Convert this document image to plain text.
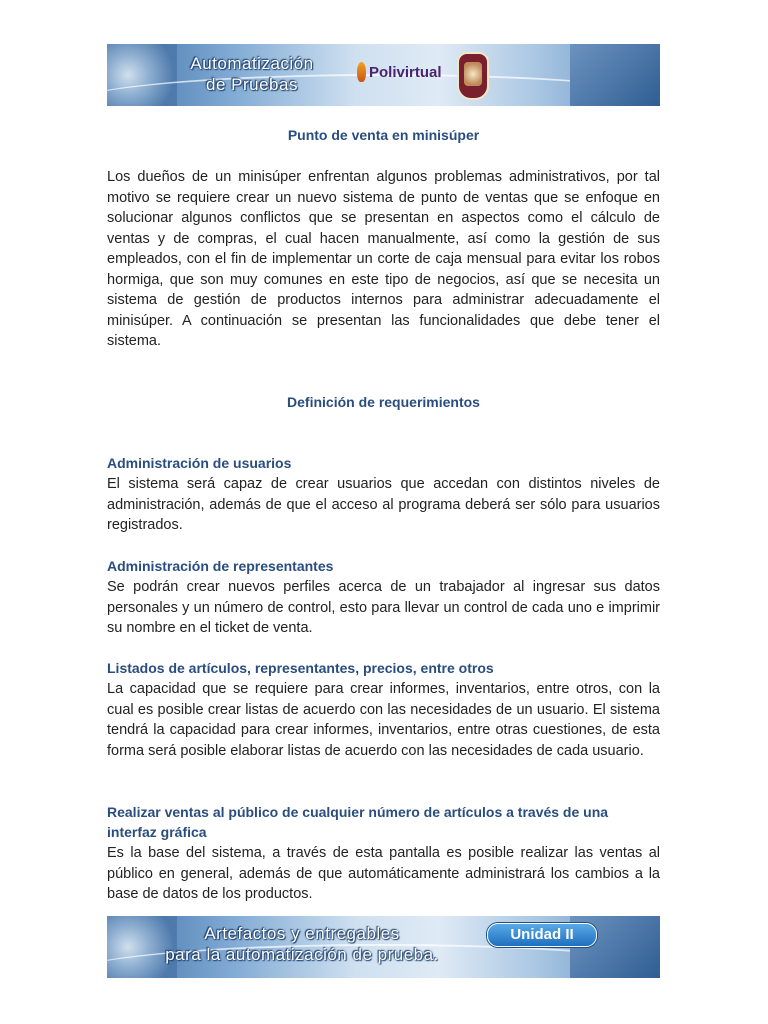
Automatización
de Pruebas
Polivirtual
Punto de venta en minisúper

Los dueños de un minisúper enfrentan algunos problemas administrativos, por tal motivo se requiere crear un nuevo sistema de punto de ventas que se enfoque en solucionar algunos conflictos que se presentan en aspectos como el cálculo de ventas y de compras, el cual hacen manualmente, así como la gestión de sus empleados, con el fin de implementar un corte de caja mensual para evitar los robos hormiga, que son muy comunes en este tipo de negocios, así que se necesita un sistema de gestión de productos internos para administrar adecuadamente el minisúper. A continuación se presentan las funcionalidades que debe tener el sistema.

Definición de requerimientos
Administración de usuarios

El sistema será capaz de crear usuarios que accedan con distintos niveles de administración, además de que el acceso al programa deberá ser sólo para usuarios registrados.

Administración de representantes

Se podrán crear nuevos perfiles acerca de un trabajador al ingresar sus datos personales y un número de control, esto para llevar un control de cada uno e imprimir su nombre en el ticket de venta.

Listados de artículos, representantes, precios, entre otros

La capacidad que se requiere para crear informes, inventarios, entre otros, con la cual es posible crear listas de acuerdo con las necesidades de un usuario. El sistema tendrá la capacidad para crear informes, inventarios, entre otras cuestiones, de esta forma será posible elaborar listas de acuerdo con las necesidades de cada usuario.

Realizar ventas al público de cualquier número de artículos a través de una interfaz gráfica

Es la base del sistema, a través de esta pantalla es posible realizar las ventas al público en general, además de que automáticamente administrará los cambios a la base de datos de los productos.

Artefactos y entregables
para la automatización de prueba.
Unidad II
